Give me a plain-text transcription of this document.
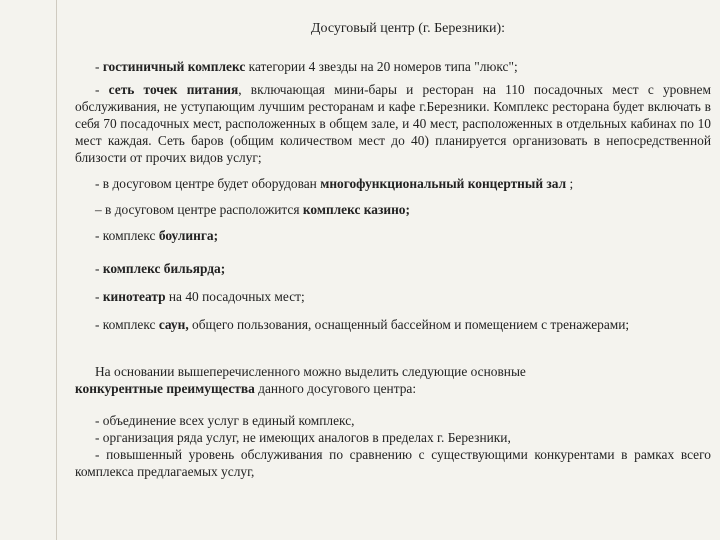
Досуговый центр (г. Березники):

- гостиничный комплекс категории 4 звезды на 20 номеров типа "люкс";

- сеть точек питания, включающая мини-бары и ресторан на 110 посадочных мест с уровнем обслуживания, не уступающим лучшим ресторанам и кафе г.Березники. Комплекс ресторана будет включать в себя 70 посадочных мест, расположенных в общем зале, и 40 мест, расположенных в отдельных кабинах по 10 мест каждая. Сеть баров (общим количеством мест до 40) планируется организовать в непосредственной близости от прочих видов услуг;

- в досуговом центре будет оборудован многофункциональный концертный зал ;

– в досуговом центре расположится комплекс казино;

- комплекс боулинга;

- комплекс бильярда;

- кинотеатр на 40 посадочных мест;

- комплекс саун, общего пользования, оснащенный бассейном и помещением с тренажерами;

На основании вышеперечисленного можно выделить следующие основные
конкурентные преимущества данного досугового центра:

- объединение всех услуг в единый комплекс,

- организация ряда услуг, не имеющих аналогов в пределах г. Березники,

- повышенный уровень обслуживания по сравнению с существующими конкурентами в рамках всего комплекса предлагаемых услуг,
